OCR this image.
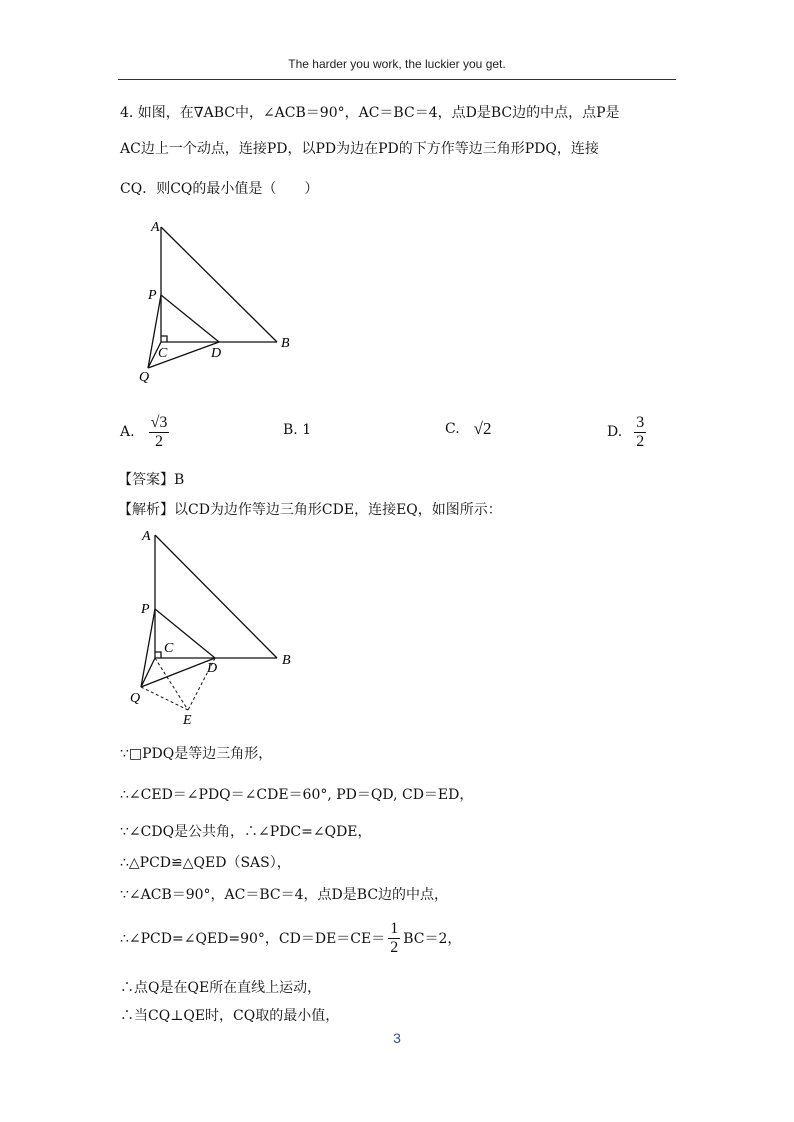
The harder you work, the luckier you get.
4. 如图，在∇ABC中，∠ACB＝90°，AC＝BC＝4，点D是BC边的中点，点P是
AC边上一个动点，连接PD，以PD为边在PD的下方作等边三角形PDQ，连接
CQ．则CQ的最小值是（　　）
A
P
C	D
B
Q
A. $\frac{√3}{2}$	B. 1	C. √2	D. $\frac{3}{2}$
【答案】B
【解析】以CD为边作等边三角形CDE，连接EQ，如图所示：
A
P
C
D
B
Q
E
∵□PDQ是等边三角形，
∴∠CED＝∠PDQ＝∠CDE＝60°, PD＝QD, CD＝ED，
∵∠CDQ是公共角，∴∠PDC=∠QDE，
∴△PCD≌△QED（SAS），
∵∠ACB＝90°，AC＝BC＝4，点D是BC边的中点，
∴∠PCD=∠QED=90°，$CD=DE=CE= \frac{1}{2} BC=2$，
∴点Q是在QE所在直线上运动，
∴当CQ⊥QE时，CQ取的最小值，
3
